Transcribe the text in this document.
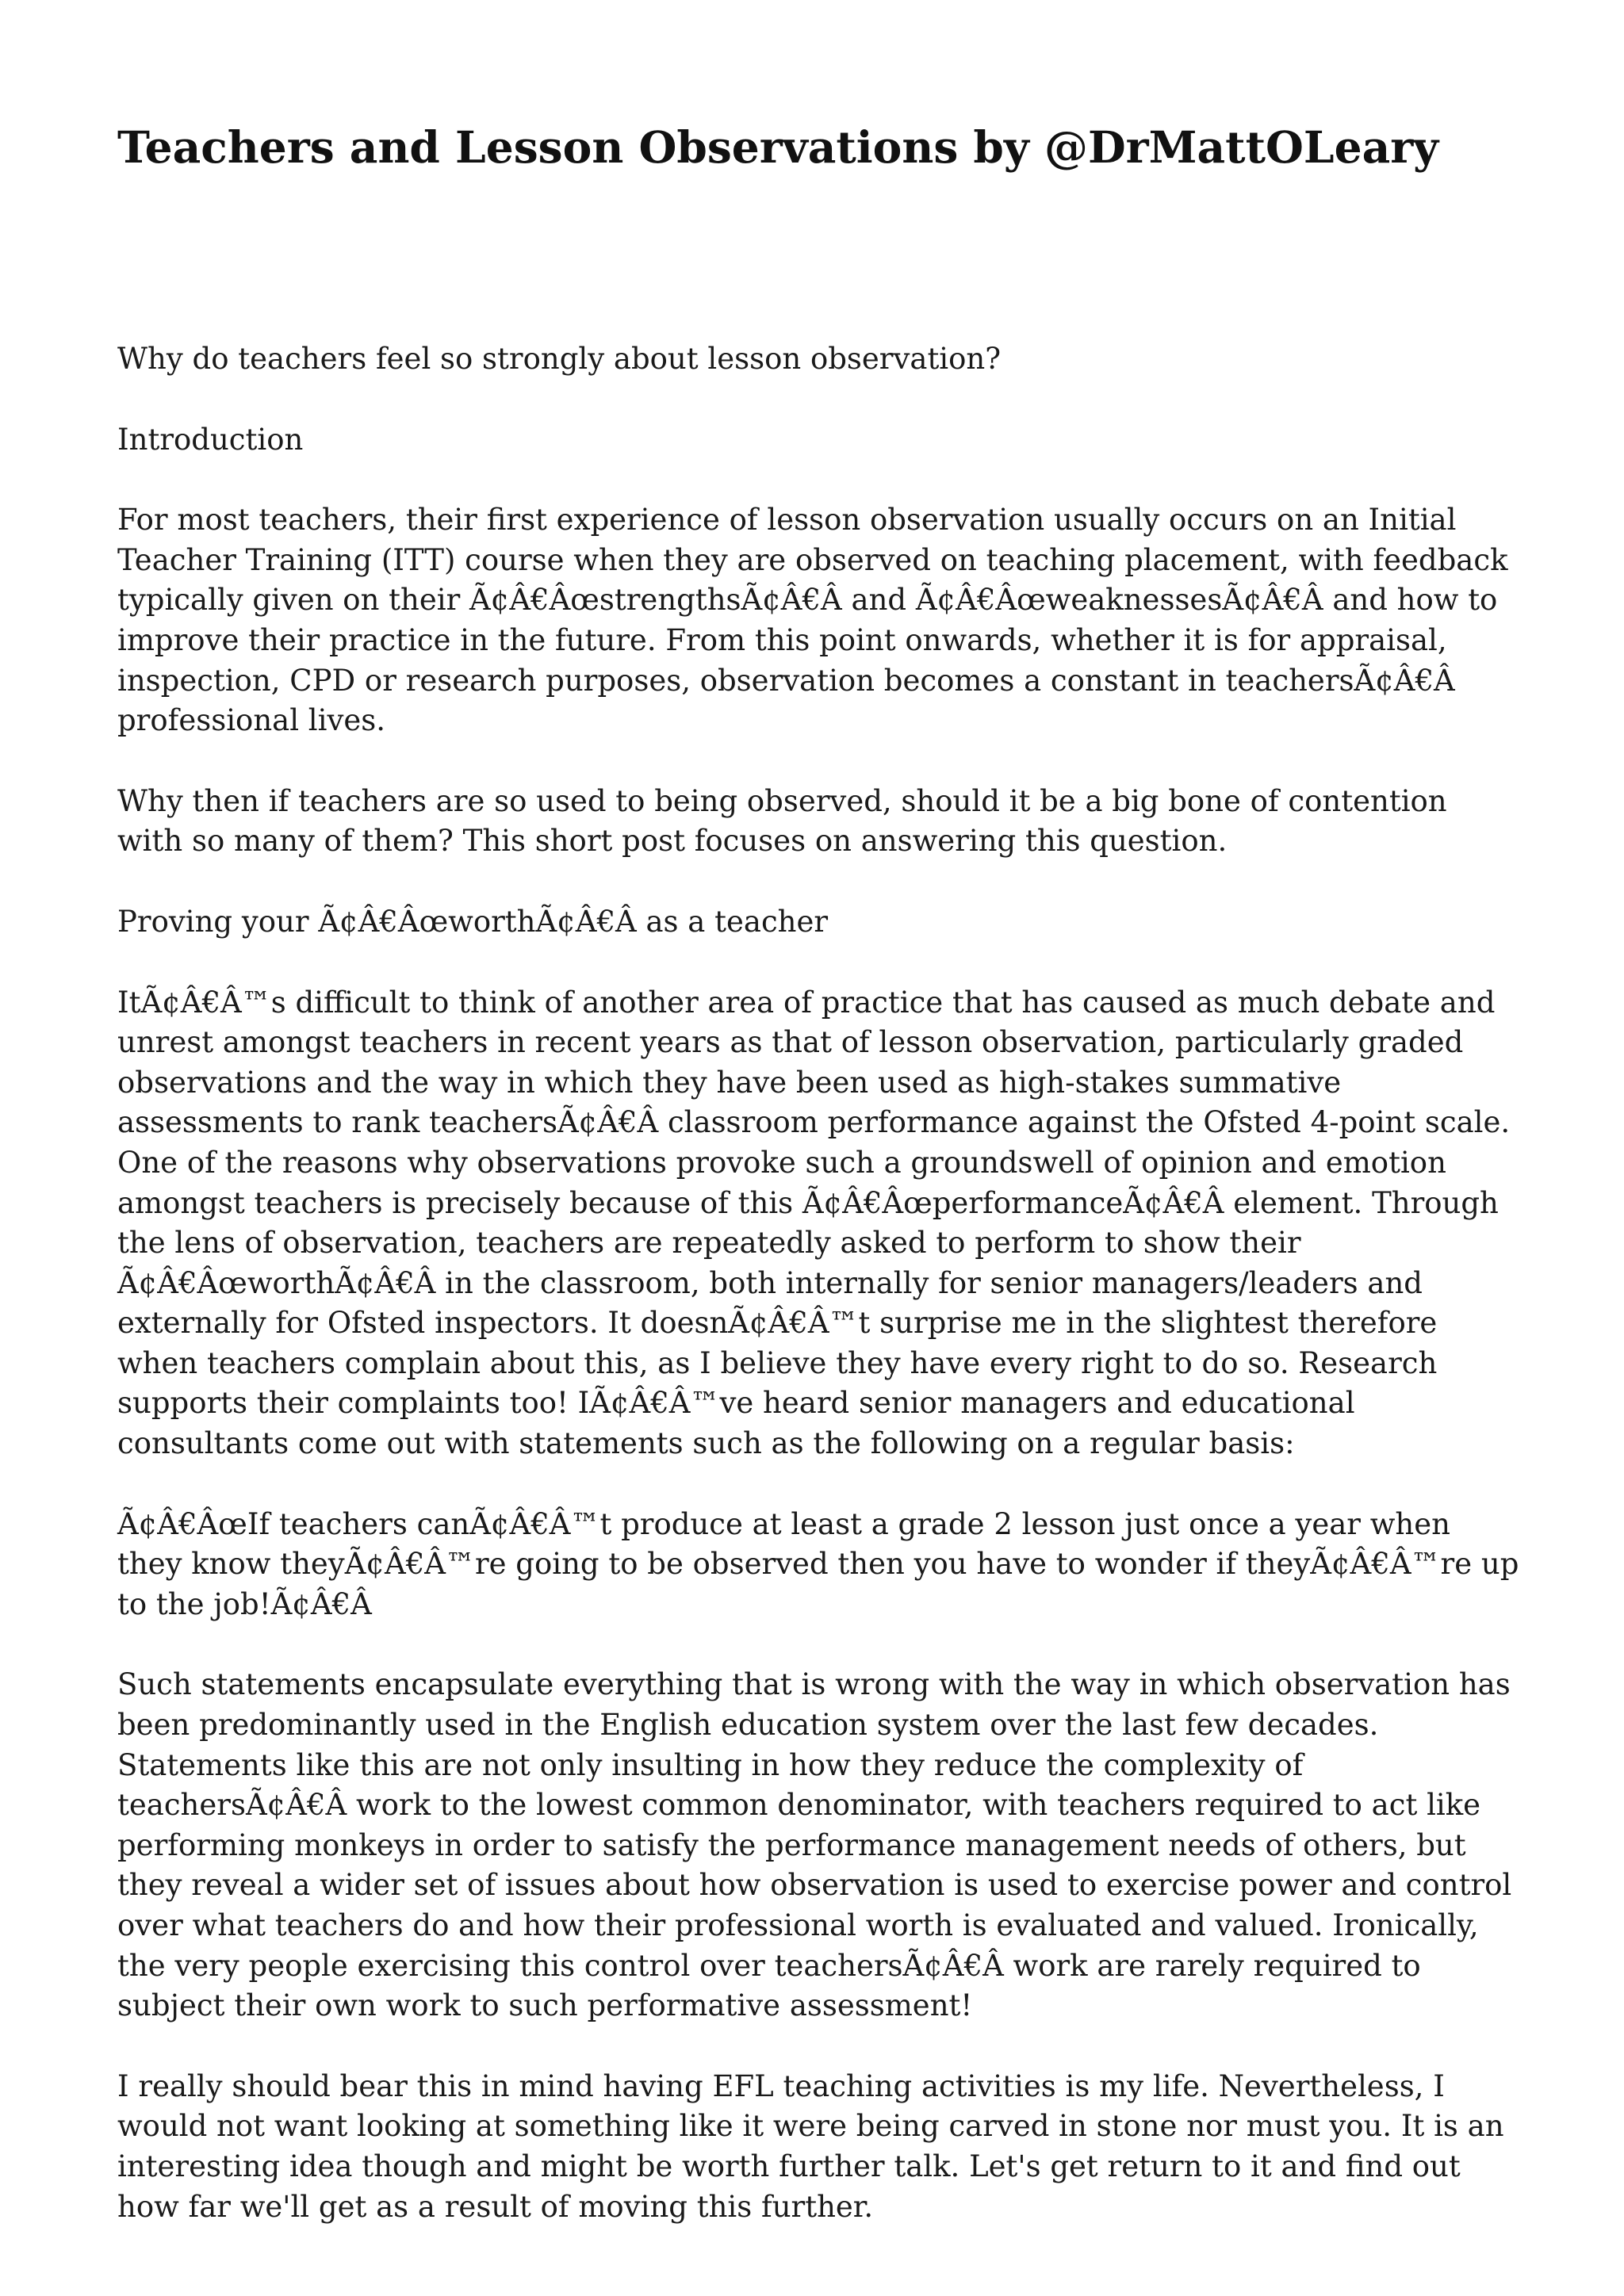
Teachers and Lesson Observations by @DrMattOLeary

Why do teachers feel so strongly about lesson observation?

Introduction

For most teachers, their first experience of lesson observation usually occurs on an Initial Teacher Training (ITT) course when they are observed on teaching placement, with feedback typically given on their Ã¢Â€ÂœstrengthsÃ¢Â€Â and Ã¢Â€ÂœweaknessesÃ¢Â€Â and how to improve their practice in the future. From this point onwards, whether it is for appraisal, inspection, CPD or research purposes, observation becomes a constant in teachersÃ¢Â€Â professional lives.

Why then if teachers are so used to being observed, should it be a big bone of contention with so many of them? This short post focuses on answering this question.

Proving your Ã¢Â€ÂœworthÃ¢Â€Â as a teacher

ItÃ¢Â€Â™s difficult to think of another area of practice that has caused as much debate and unrest amongst teachers in recent years as that of lesson observation, particularly graded observations and the way in which they have been used as high-stakes summative assessments to rank teachersÃ¢Â€Â classroom performance against the Ofsted 4-point scale. One of the reasons why observations provoke such a groundswell of opinion and emotion amongst teachers is precisely because of this Ã¢Â€ÂœperformanceÃ¢Â€Â element. Through the lens of observation, teachers are repeatedly asked to perform to show their Ã¢Â€ÂœworthÃ¢Â€Â in the classroom, both internally for senior managers/leaders and externally for Ofsted inspectors. It doesnÃ¢Â€Â™t surprise me in the slightest therefore when teachers complain about this, as I believe they have every right to do so. Research supports their complaints too! IÃ¢Â€Â™ve heard senior managers and educational consultants come out with statements such as the following on a regular basis:

Ã¢Â€ÂœIf teachers canÃ¢Â€Â™t produce at least a grade 2 lesson just once a year when they know theyÃ¢Â€Â™re going to be observed then you have to wonder if theyÃ¢Â€Â™re up to the job!Ã¢Â€Â

Such statements encapsulate everything that is wrong with the way in which observation has been predominantly used in the English education system over the last few decades. Statements like this are not only insulting in how they reduce the complexity of teachersÃ¢Â€Â work to the lowest common denominator, with teachers required to act like performing monkeys in order to satisfy the performance management needs of others, but they reveal a wider set of issues about how observation is used to exercise power and control over what teachers do and how their professional worth is evaluated and valued. Ironically, the very people exercising this control over teachersÃ¢Â€Â work are rarely required to subject their own work to such performative assessment!

I really should bear this in mind having EFL teaching activities is my life. Nevertheless, I would not want looking at something like it were being carved in stone nor must you. It is an interesting idea though and might be worth further talk. Let's get return to it and find out how far we'll get as a result of moving this further.
